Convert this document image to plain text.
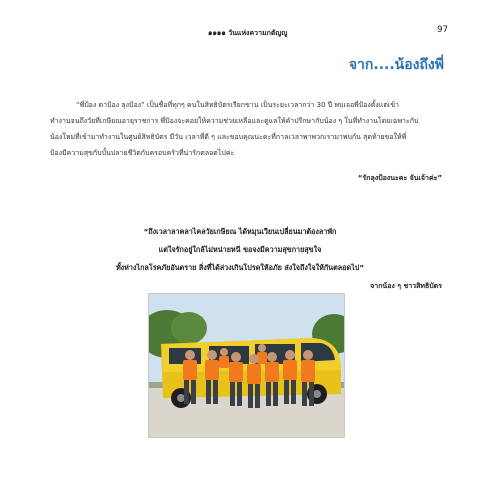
๑๑๑๑ วันแห่งความกตัญญู	97
จาก....น้องถึงพี่
“พี่ป้อง ตาป้อง ลุงป้อง” เป็นชื่อที่ทุกๆ คนในสิทธิบัตรเรียกขาน เป็นระยะเวลากว่า 30 ปี พบเจอพี่ป้องตั้งแต่เข้า
ทำงานจนถึงวัยที่เกษียณอายุราชการ พี่ป้องจะคอยให้ความช่วยเหลือและดูแลให้คำปรึกษากับน้อง ๆ ในที่ทำงานโดยเฉพาะกับ
น้องใหม่ที่เข้ามาทำงานในศูนย์สิทธิบัตร มีวัน เวลาที่ดี ๆ และขอบคุณนะคะที่กาลเวลาพาพวกเรามาพบกัน สุดท้ายขอให้พี่
ป้องมีความสุขกับบั้นปลายชีวิตกับครอบครัวที่น่ารักตลอดไปค่ะ
“รักลุงป้องนะคะ จันเจ้าค่ะ”
“ถึงเวลาลาคลาไคลวัยเกษียณ ได้หมุนเวียนเปลี่ยนมาต้องลาพัก
แต่ใจรักอยู่ใกล้ไม่หน่ายหนี ขอจงมีความสุขกายสุขใจ
ทั้งห่างไกลโรคภัยอันตราย สิ่งที่ได้ล่วงเกินโปรดให้อภัย ส่งใจถึงใจให้กันตลอดไป”
จากน้อง ๆ ชาวสิทธิบัตร
